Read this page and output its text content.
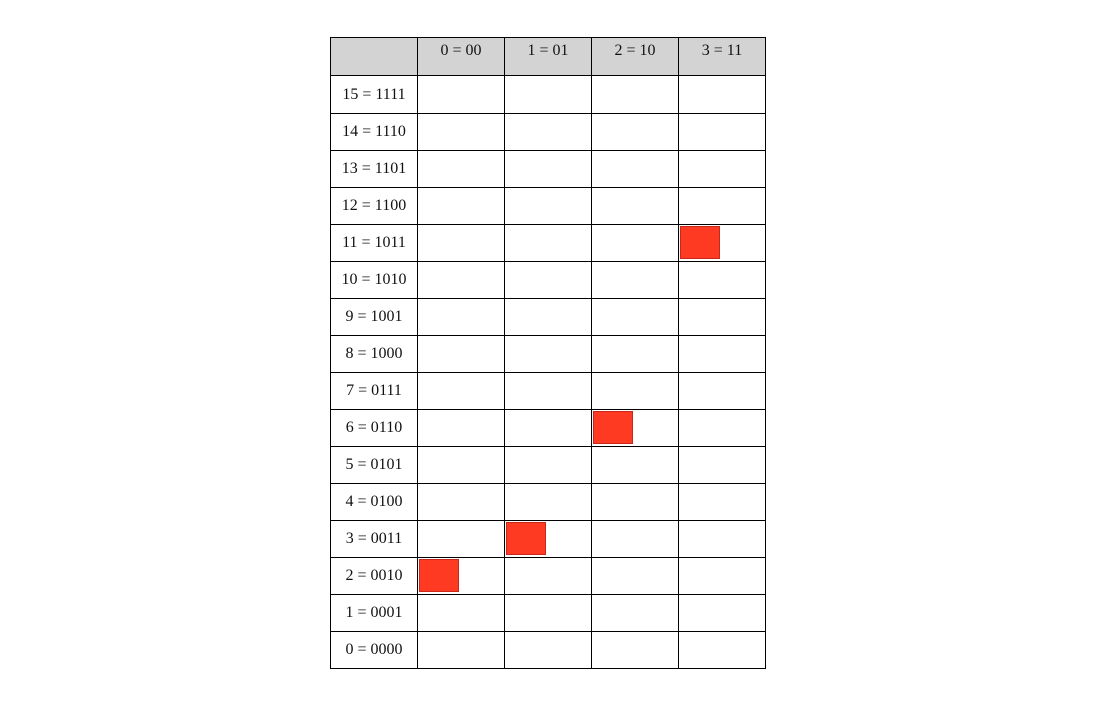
	0 = 00	1 = 01	2 = 10	3 = 11
15 = 1111				
14 = 1110				
13 = 1101				
12 = 1100				
11 = 1011				

10 = 1010				
9 = 1001				
8 = 1000				
7 = 0111				
6 = 0110			

5 = 0101				
4 = 0100				
3 = 0011		

2 = 0010	

1 = 0001				
0 = 0000				
